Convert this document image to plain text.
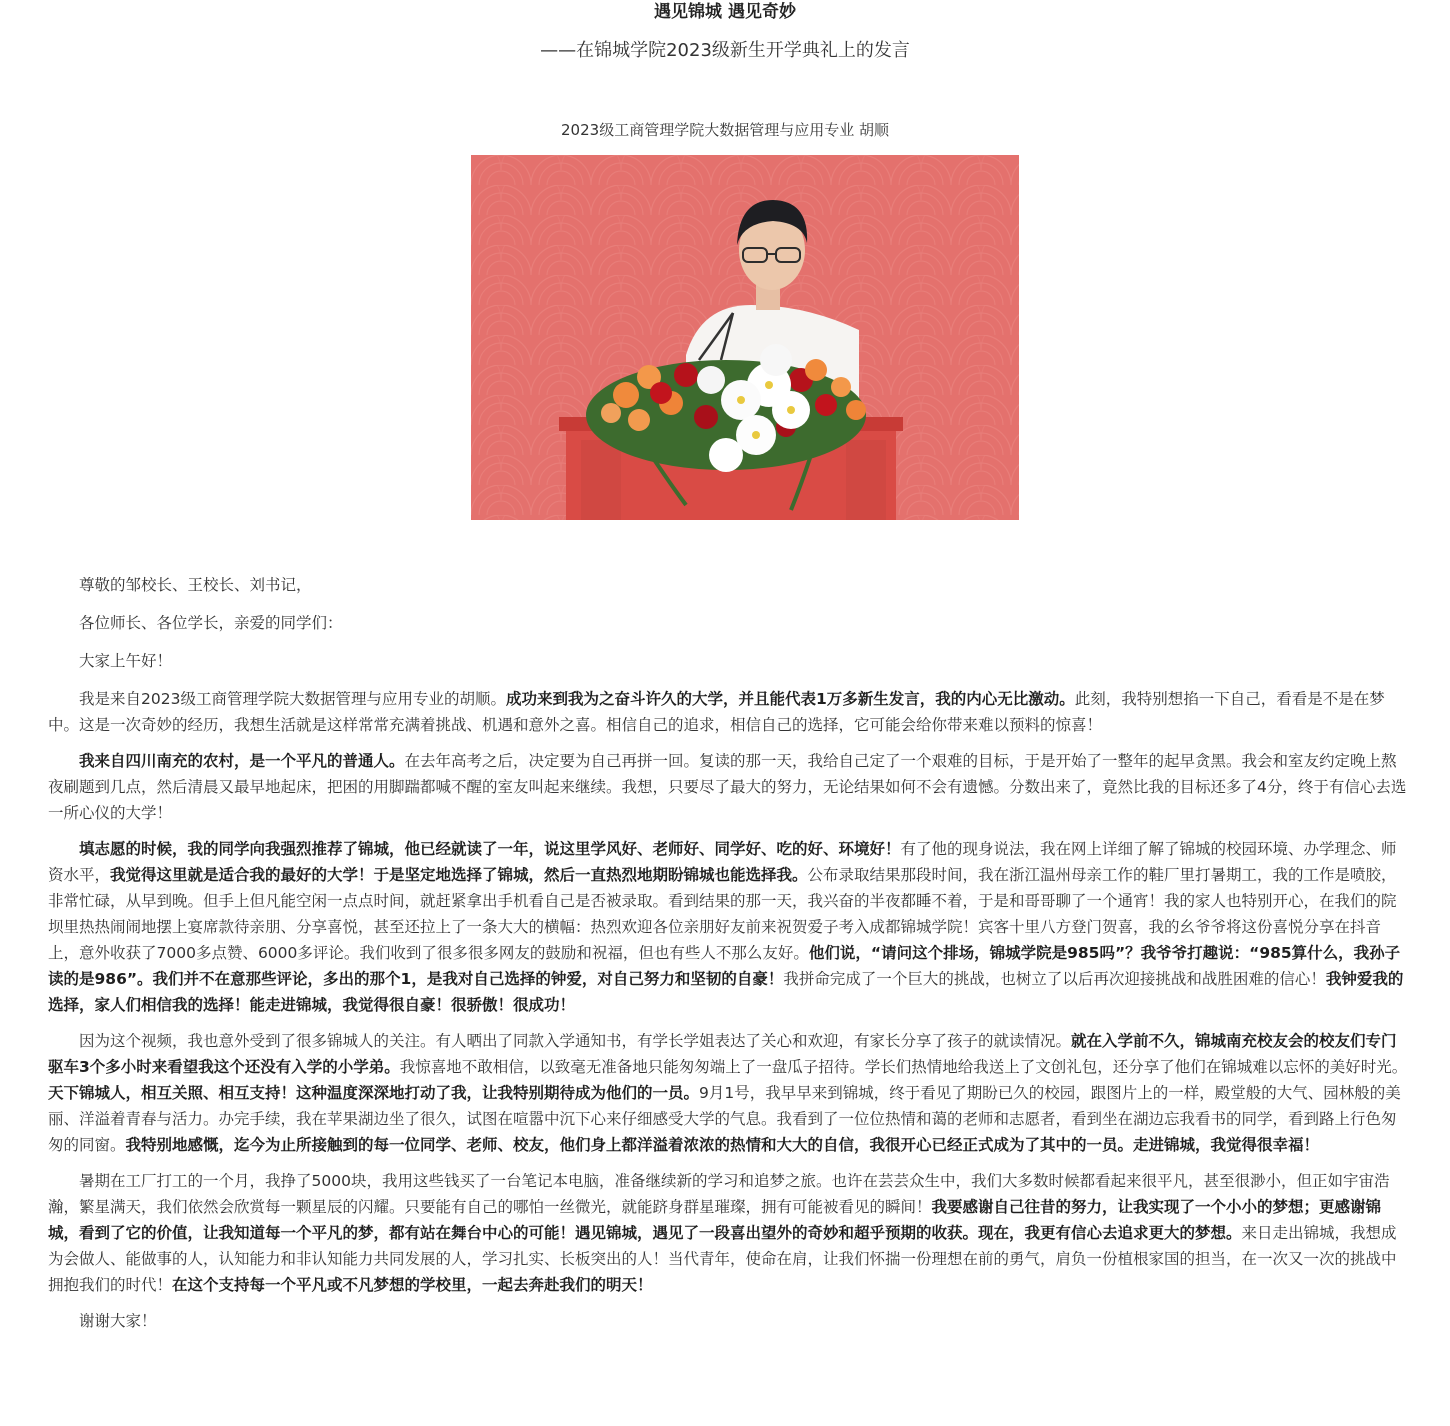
遇见锦城 遇见奇妙
——在锦城学院2023级新生开学典礼上的发言
2023级工商管理学院大数据管理与应用专业 胡顺

尊敬的邹校长、王校长、刘书记，

各位师长、各位学长，亲爱的同学们：

大家上午好！

我是来自2023级工商管理学院大数据管理与应用专业的胡顺。成功来到我为之奋斗许久的大学，并且能代表1万多新生发言，我的内心无比激动。此刻，我特别想掐一下自己，看看是不是在梦中。这是一次奇妙的经历，我想生活就是这样常常充满着挑战、机遇和意外之喜。相信自己的追求，相信自己的选择，它可能会给你带来难以预料的惊喜！

我来自四川南充的农村，是一个平凡的普通人。在去年高考之后，决定要为自己再拼一回。复读的那一天，我给自己定了一个艰难的目标，于是开始了一整年的起早贪黑。我会和室友约定晚上熬夜刷题到几点，然后清晨又最早地起床，把困的用脚踹都喊不醒的室友叫起来继续。我想，只要尽了最大的努力，无论结果如何不会有遗憾。分数出来了，竟然比我的目标还多了4分，终于有信心去选一所心仪的大学！

填志愿的时候，我的同学向我强烈推荐了锦城，他已经就读了一年，说这里学风好、老师好、同学好、吃的好、环境好！有了他的现身说法，我在网上详细了解了锦城的校园环境、办学理念、师资水平，我觉得这里就是适合我的最好的大学！于是坚定地选择了锦城，然后一直热烈地期盼锦城也能选择我。公布录取结果那段时间，我在浙江温州母亲工作的鞋厂里打暑期工，我的工作是喷胶，非常忙碌，从早到晚。但手上但凡能空闲一点点时间，就赶紧拿出手机看自己是否被录取。看到结果的那一天，我兴奋的半夜都睡不着，于是和哥哥聊了一个通宵！我的家人也特别开心，在我们的院坝里热热闹闹地摆上宴席款待亲朋、分享喜悦，甚至还拉上了一条大大的横幅：热烈欢迎各位亲朋好友前来祝贺爱子考入成都锦城学院！宾客十里八方登门贺喜，我的幺爷爷将这份喜悦分享在抖音上，意外收获了7000多点赞、6000多评论。我们收到了很多很多网友的鼓励和祝福，但也有些人不那么友好。他们说，“请问这个排场，锦城学院是985吗”？我爷爷打趣说：“985算什么，我孙子读的是986”。我们并不在意那些评论，多出的那个1，是我对自己选择的钟爱，对自己努力和坚韧的自豪！我拼命完成了一个巨大的挑战，也树立了以后再次迎接挑战和战胜困难的信心！我钟爱我的选择，家人们相信我的选择！能走进锦城，我觉得很自豪！很骄傲！很成功！

因为这个视频，我也意外受到了很多锦城人的关注。有人晒出了同款入学通知书，有学长学姐表达了关心和欢迎，有家长分享了孩子的就读情况。就在入学前不久，锦城南充校友会的校友们专门驱车3个多小时来看望我这个还没有入学的小学弟。我惊喜地不敢相信，以致毫无准备地只能匆匆端上了一盘瓜子招待。学长们热情地给我送上了文创礼包，还分享了他们在锦城难以忘怀的美好时光。天下锦城人，相互关照、相互支持！这种温度深深地打动了我，让我特别期待成为他们的一员。9月1号，我早早来到锦城，终于看见了期盼已久的校园，跟图片上的一样，殿堂般的大气、园林般的美丽、洋溢着青春与活力。办完手续，我在苹果湖边坐了很久，试图在喧嚣中沉下心来仔细感受大学的气息。我看到了一位位热情和蔼的老师和志愿者，看到坐在湖边忘我看书的同学，看到路上行色匆匆的同窗。我特别地感慨，迄今为止所接触到的每一位同学、老师、校友，他们身上都洋溢着浓浓的热情和大大的自信，我很开心已经正式成为了其中的一员。走进锦城，我觉得很幸福！

暑期在工厂打工的一个月，我挣了5000块，我用这些钱买了一台笔记本电脑，准备继续新的学习和追梦之旅。也许在芸芸众生中，我们大多数时候都看起来很平凡，甚至很渺小，但正如宇宙浩瀚，繁星满天，我们依然会欣赏每一颗星辰的闪耀。只要能有自己的哪怕一丝微光，就能跻身群星璀璨，拥有可能被看见的瞬间！我要感谢自己往昔的努力，让我实现了一个小小的梦想；更感谢锦城，看到了它的价值，让我知道每一个平凡的梦，都有站在舞台中心的可能！遇见锦城，遇见了一段喜出望外的奇妙和超乎预期的收获。现在，我更有信心去追求更大的梦想。来日走出锦城，我想成为会做人、能做事的人，认知能力和非认知能力共同发展的人，学习扎实、长板突出的人！当代青年，使命在肩，让我们怀揣一份理想在前的勇气，肩负一份植根家国的担当，在一次又一次的挑战中拥抱我们的时代！在这个支持每一个平凡或不凡梦想的学校里，一起去奔赴我们的明天！

谢谢大家！
